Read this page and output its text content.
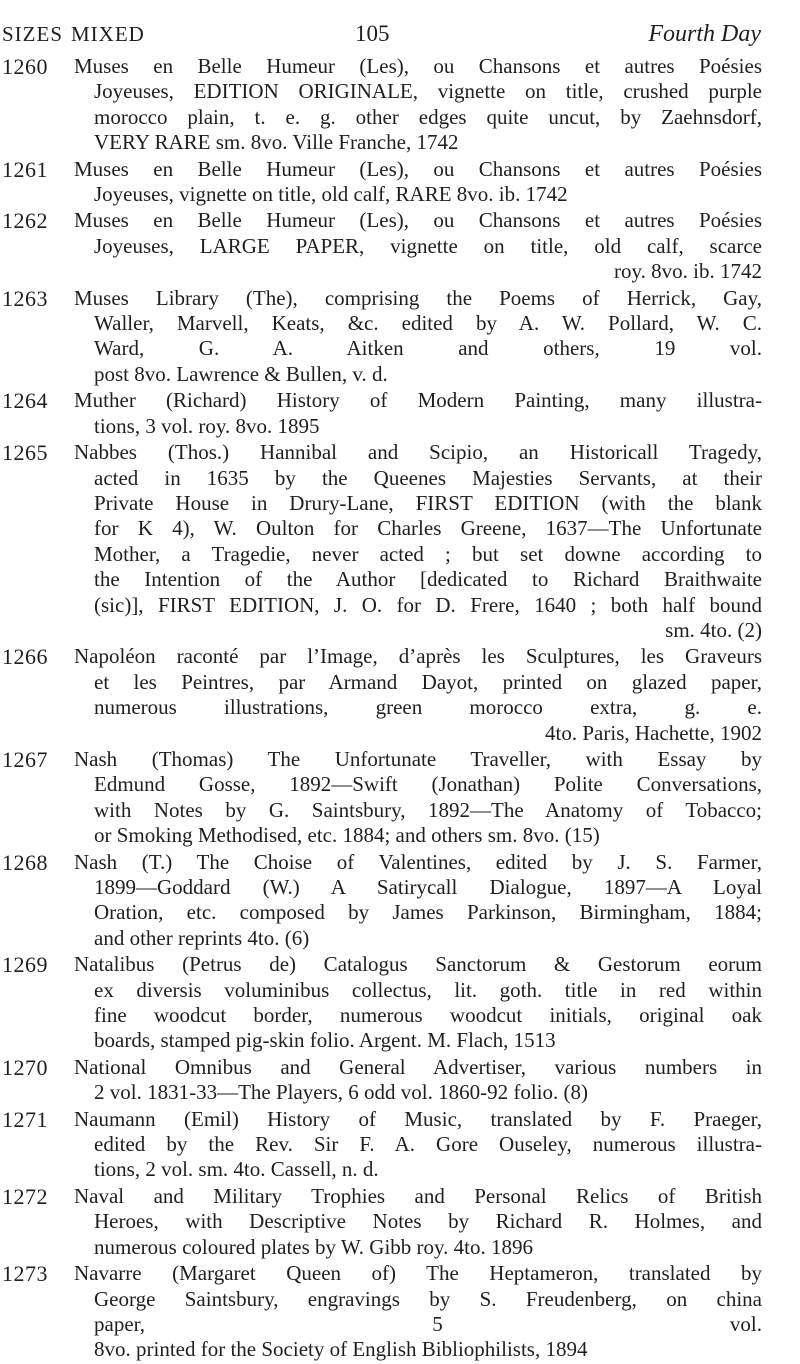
SIZES MIXED	105	Fourth Day
1260	Muses en Belle Humeur (Les), ou Chansons et autres Poésies
Joyeuses, EDITION ORIGINALE, vignette on title, crushed purple
morocco plain, t. e. g. other edges quite uncut, by Zaehnsdorf,
VERY RARE sm. 8vo. Ville Franche, 1742
1261	Muses en Belle Humeur (Les), ou Chansons et autres Poésies
Joyeuses, vignette on title, old calf, RARE 8vo. ib. 1742
1262	Muses en Belle Humeur (Les), ou Chansons et autres Poésies
Joyeuses, LARGE PAPER, vignette on title, old calf, scarce
roy. 8vo. ib. 1742
1263	Muses Library (The), comprising the Poems of Herrick, Gay,
Waller, Marvell, Keats, &c. edited by A. W. Pollard, W. C.
Ward, G. A. Aitken and others, 19 vol.
post 8vo. Lawrence & Bullen, v. d.
1264	Muther (Richard) History of Modern Painting, many illustra-
tions, 3 vol. roy. 8vo. 1895
1265	Nabbes (Thos.) Hannibal and Scipio, an Historicall Tragedy,
acted in 1635 by the Queenes Majesties Servants, at their
Private House in Drury-Lane, FIRST EDITION (with the blank
for K 4), W. Oulton for Charles Greene, 1637—The Unfortunate
Mother, a Tragedie, never acted ; but set downe according to
the Intention of the Author [dedicated to Richard Braithwaite
(sic)], FIRST EDITION, J. O. for D. Frere, 1640 ; both half bound
sm. 4to. (2)
1266	Napoléon raconté par l’Image, d’après les Sculptures, les Graveurs
et les Peintres, par Armand Dayot, printed on glazed paper,
numerous illustrations, green morocco extra, g. e.
4to. Paris, Hachette, 1902
1267	Nash (Thomas) The Unfortunate Traveller, with Essay by
Edmund Gosse, 1892—Swift (Jonathan) Polite Conversations,
with Notes by G. Saintsbury, 1892—The Anatomy of Tobacco;
or Smoking Methodised, etc. 1884; and others sm. 8vo. (15)
1268	Nash (T.) The Choise of Valentines, edited by J. S. Farmer,
1899—Goddard (W.) A Satirycall Dialogue, 1897—A Loyal
Oration, etc. composed by James Parkinson, Birmingham, 1884;
and other reprints 4to. (6)
1269	Natalibus (Petrus de) Catalogus Sanctorum & Gestorum eorum
ex diversis voluminibus collectus, lit. goth. title in red within
fine woodcut border, numerous woodcut initials, original oak
boards, stamped pig-skin folio. Argent. M. Flach, 1513
1270	National Omnibus and General Advertiser, various numbers in
2 vol. 1831-33—The Players, 6 odd vol. 1860-92 folio. (8)
1271	Naumann (Emil) History of Music, translated by F. Praeger,
edited by the Rev. Sir F. A. Gore Ouseley, numerous illustra-
tions, 2 vol. sm. 4to. Cassell, n. d.
1272	Naval and Military Trophies and Personal Relics of British
Heroes, with Descriptive Notes by Richard R. Holmes, and
numerous coloured plates by W. Gibb roy. 4to. 1896
1273	Navarre (Margaret Queen of) The Heptameron, translated by
George Saintsbury, engravings by S. Freudenberg, on china
paper, 5 vol.
8vo. printed for the Society of English Bibliophilists, 1894
